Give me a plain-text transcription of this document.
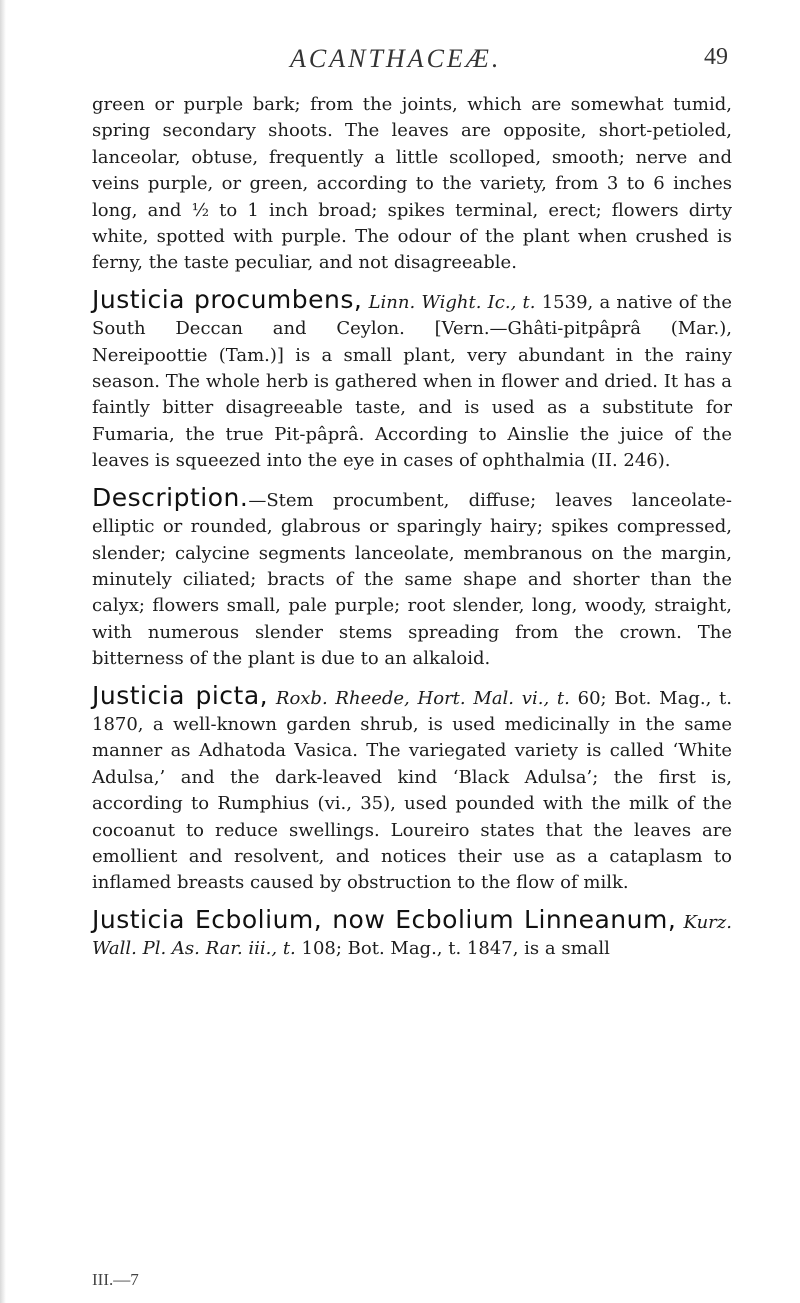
ACANTHACEÆ.	49

green or purple bark; from the joints, which are somewhat tumid, spring secondary shoots. The leaves are opposite, short-petioled, lanceolar, obtuse, frequently a little scolloped, smooth; nerve and veins purple, or green, according to the variety, from 3 to 6 inches long, and ½ to 1 inch broad; spikes terminal, erect; flowers dirty white, spotted with purple. The odour of the plant when crushed is ferny, the taste peculiar, and not disagreeable.

Justicia procumbens, Linn. Wight. Ic., t. 1539, a native of the South Deccan and Ceylon. [Vern.—Ghâti-pitpâprâ (Mar.), Nereipoottie (Tam.)] is a small plant, very abundant in the rainy season. The whole herb is gathered when in flower and dried. It has a faintly bitter disagreeable taste, and is used as a substitute for Fumaria, the true Pit-pâprâ. According to Ainslie the juice of the leaves is squeezed into the eye in cases of ophthalmia (II. 246).

Description.—Stem procumbent, diffuse; leaves lanceolate-elliptic or rounded, glabrous or sparingly hairy; spikes compressed, slender; calycine segments lanceolate, membranous on the margin, minutely ciliated; bracts of the same shape and shorter than the calyx; flowers small, pale purple; root slender, long, woody, straight, with numerous slender stems spreading from the crown. The bitterness of the plant is due to an alkaloid.

Justicia picta, Roxb. Rheede, Hort. Mal. vi., t. 60; Bot. Mag., t. 1870, a well-known garden shrub, is used medicinally in the same manner as Adhatoda Vasica. The variegated variety is called ‘White Adulsa,’ and the dark-leaved kind ‘Black Adulsa’; the first is, according to Rumphius (vi., 35), used pounded with the milk of the cocoanut to reduce swellings. Loureiro states that the leaves are emollient and resolvent, and notices their use as a cataplasm to inflamed breasts caused by obstruction to the flow of milk.

Justicia Ecbolium, now Ecbolium Linneanum, Kurz. Wall. Pl. As. Rar. iii., t. 108; Bot. Mag., t. 1847, is a small

III.—7
